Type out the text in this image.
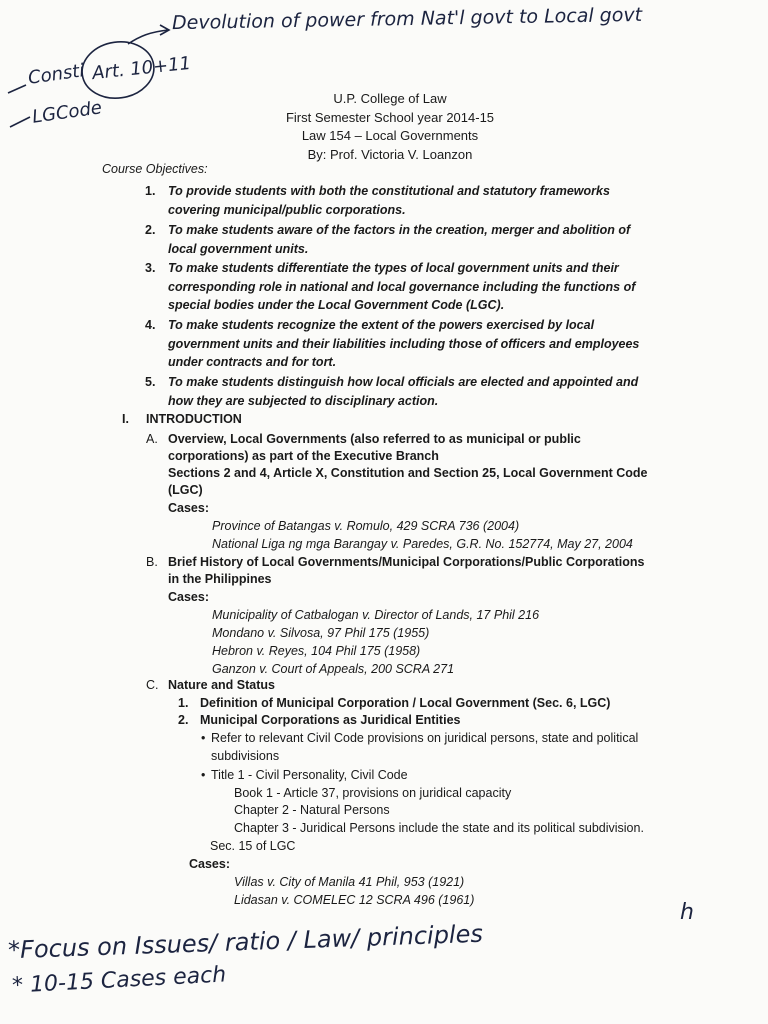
Devolution of power from Nat'l govt to Local govt
Consti Art. 10+11
LGCode
*Focus on Issues/ ratio / Law/ principles
* 10-15 Cases each
h
U.P. College of Law
First Semester School year 2014-15
Law 154 – Local Governments
By: Prof. Victoria V. Loanzon
Course Objectives:
1. To provide students with both the constitutional and statutory frameworks
covering municipal/public corporations.
2. To make students aware of the factors in the creation, merger and abolition of
local government units.
3. To make students differentiate the types of local government units and their
corresponding role in national and local governance including the functions of
special bodies under the Local Government Code (LGC).
4. To make students recognize the extent of the powers exercised by local
government units and their liabilities including those of officers and employees
under contracts and for tort.
5. To make students distinguish how local officials are elected and appointed and
how they are subjected to disciplinary action.
I. INTRODUCTION
A. Overview, Local Governments (also referred to as municipal or public
corporations) as part of the Executive Branch
Sections 2 and 4, Article X, Constitution and Section 25, Local Government Code
(LGC)
Cases:
Province of Batangas v. Romulo, 429 SCRA 736 (2004)
National Liga ng mga Barangay v. Paredes, G.R. No. 152774, May 27, 2004
B. Brief History of Local Governments/Municipal Corporations/Public Corporations
in the Philippines
Cases:
Municipality of Catbalogan v. Director of Lands, 17 Phil 216
Mondano v. Silvosa, 97 Phil 175 (1955)
Hebron v. Reyes, 104 Phil 175 (1958)
Ganzon v. Court of Appeals, 200 SCRA 271
C. Nature and Status
1. Definition of Municipal Corporation / Local Government (Sec. 6, LGC)
2. Municipal Corporations as Juridical Entities
• Refer to relevant Civil Code provisions on juridical persons, state and political
subdivisions
• Title 1 - Civil Personality, Civil Code
Book 1 - Article 37, provisions on juridical capacity
Chapter 2 - Natural Persons
Chapter 3 - Juridical Persons include the state and its political subdivision.
Sec. 15 of LGC
Cases:
Villas v. City of Manila 41 Phil, 953 (1921)
Lidasan v. COMELEC 12 SCRA 496 (1961)
